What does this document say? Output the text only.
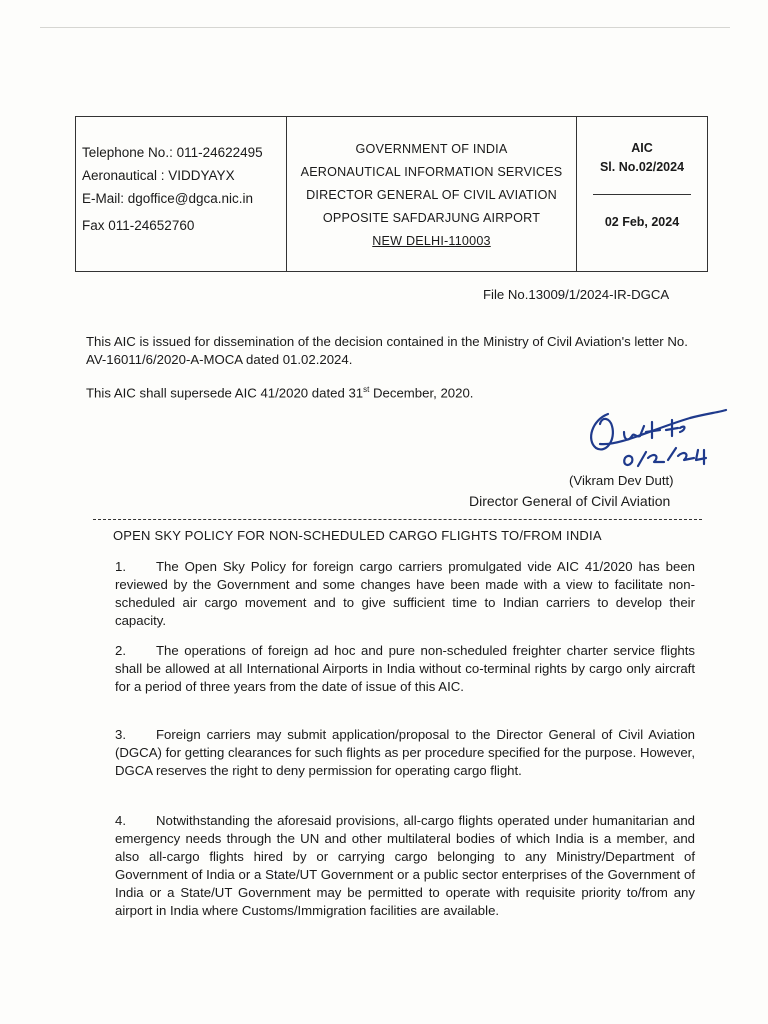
Telephone No.: 011-24622495
Aeronautical : VIDDYAYX
E-Mail: dgoffice@dgca.nic.in
Fax 011-24652760
GOVERNMENT OF INDIA
AERONAUTICAL INFORMATION SERVICES
DIRECTOR GENERAL OF CIVIL AVIATION
OPPOSITE SAFDARJUNG AIRPORT
NEW DELHI-110003
AIC
Sl. No.02/2024
02 Feb, 2024
File No.13009/1/2024-IR-DGCA
This AIC is issued for dissemination of the decision contained in the Ministry of Civil Aviation's letter No. AV-16011/6/2020-A-MOCA dated 01.02.2024.
This AIC shall supersede AIC 41/2020 dated 31st December, 2020.
(Vikram Dev Dutt)
Director General of Civil Aviation
OPEN SKY POLICY FOR NON-SCHEDULED CARGO FLIGHTS TO/FROM INDIA
1. The Open Sky Policy for foreign cargo carriers promulgated vide AIC 41/2020 has been reviewed by the Government and some changes have been made with a view to facilitate non-scheduled air cargo movement and to give sufficient time to Indian carriers to develop their capacity.
2. The operations of foreign ad hoc and pure non-scheduled freighter charter service flights shall be allowed at all International Airports in India without co-terminal rights by cargo only aircraft for a period of three years from the date of issue of this AIC.
3. Foreign carriers may submit application/proposal to the Director General of Civil Aviation (DGCA) for getting clearances for such flights as per procedure specified for the purpose. However, DGCA reserves the right to deny permission for operating cargo flight.
4. Notwithstanding the aforesaid provisions, all-cargo flights operated under humanitarian and emergency needs through the UN and other multilateral bodies of which India is a member, and also all-cargo flights hired by or carrying cargo belonging to any Ministry/Department of Government of India or a State/UT Government or a public sector enterprises of the Government of India or a State/UT Government may be permitted to operate with requisite priority to/from any airport in India where Customs/Immigration facilities are available.
